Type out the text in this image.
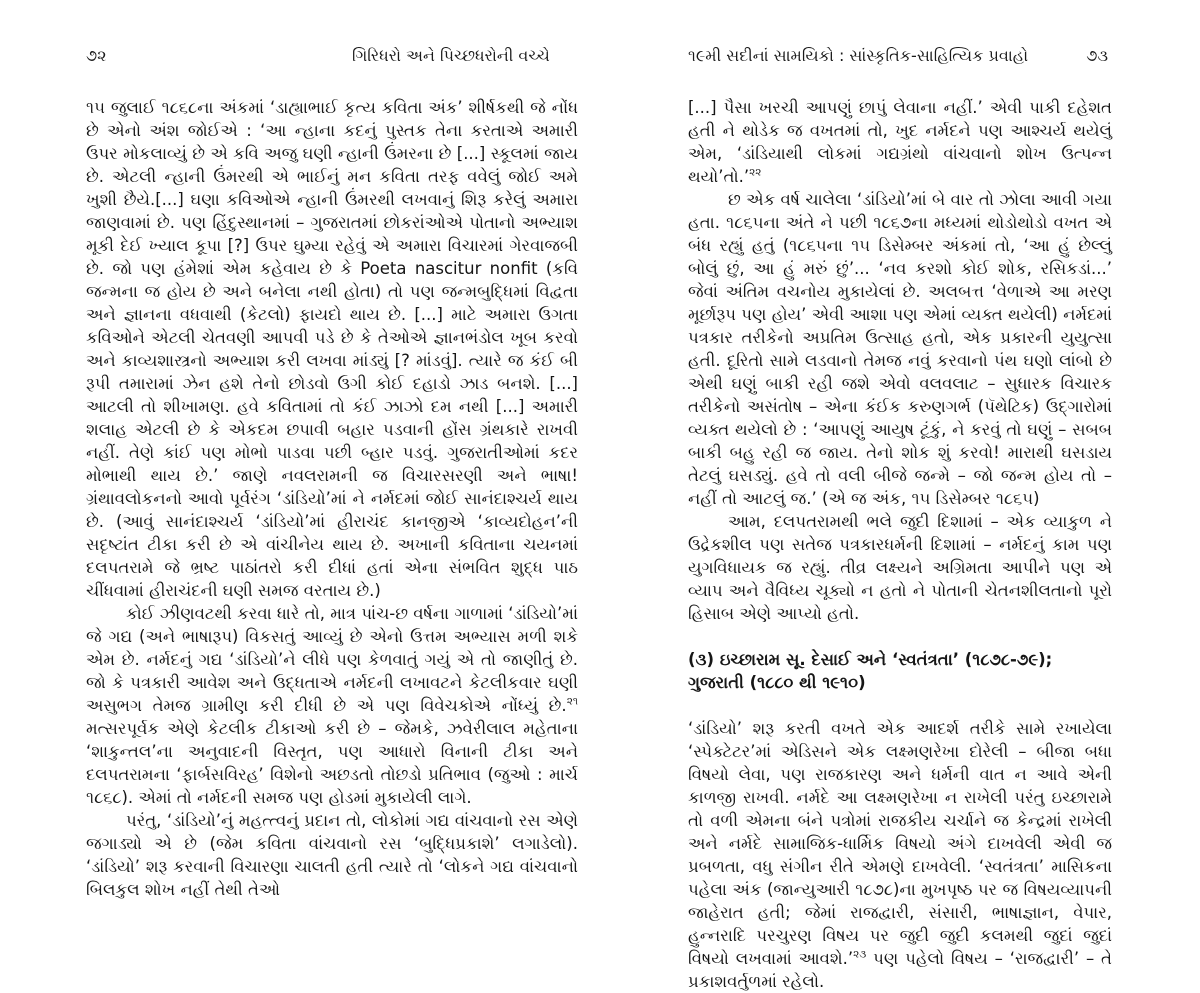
૭૨	ગિરિધરો અને પિચ્છધરોની વચ્ચે

૧૫ જુલાઈ ૧૮૬૮ના અંકમાં ‘ડાહ્યાભાઈ કૃત્ય કવિતા અંક’ શીર્ષકથી જે નોંધ છે એનો અંશ જોઈએ : ‘આ ન્હાના કદનું પુસ્તક તેના કરતાએ અમારી ઉપર મોકલાવ્યું છે એ કવિ અજુ ઘણી ન્હાની ઉંમરના છે [...] સ્કૂલમાં જાય છે. એટલી ન્હાની ઉંમરથી એ ભાઈનું મન કવિતા તરફ વવેલું જોઈ અમે ખુશી છૈયે.[...] ઘણા કવિઓએ ન્હાની ઉંમરથી લખવાનું શિરૂ કરેલું અમારા જાણવામાં છે. પણ હિંદુસ્થાનમાં – ગુજરાતમાં છોકરાંઓએ પોતાનો અભ્યાશ મૂકી દેઈ ખ્યાલ કૂપા [?] ઉપર ઘુમ્યા રહેવું એ અમારા વિચારમાં ગેરવાજબી છે. જો પણ હંમેશાં એમ કહેવાય છે કે Poeta nascitur nonfit (કવિ જન્મના જ હોય છે અને બનેલા નથી હોતા) તો પણ જન્મબુદ્ધિમાં વિદ્વતા અને જ્ઞાનના વધવાથી (કેટલો) ફાયદો થાય છે. [...] માટે અમારા ઉગતા કવિઓને એટલી ચેતવણી આપવી પડે છે કે તેઓએ જ્ઞાનભંડોલ ખૂબ કરવો અને કાવ્યશાસ્ત્રનો અભ્યાશ કરી લખવા માંડ્યું [? માંડવું]. ત્યારે જ કંઈ બી રૂપી તમારામાં ઝેન હશે તેનો છોડવો ઉગી કોઈ દહાડો ઝાડ બનશે. [...] આટલી તો શીખામણ. હવે કવિતામાં તો કંઈ ઝાઝો દમ નથી [...] અમારી શલાહ એટલી છે કે એકદમ છપાવી બહાર પડવાની હોંસ ગ્રંથકારે રાખવી નહીં. તેણે કાંઈ પણ મોભો પાડવા પછી બ્હાર પડવું. ગુજરાતીઓમાં કદર મોભાથી થાય છે.’ જાણે નવલરામની જ વિચારસરણી અને ભાષા! ગ્રંથાવલોકનનો આવો પૂર્વરંગ ‘ડાંડિયો’માં ને નર્મદમાં જોઈ સાનંદાશ્ચર્ય થાય છે. (આવું સાનંદાશ્ચર્ય ‘ડાંડિયો’માં હીરાચંદ કાનજીએ ‘કાવ્યદોહન’ની સદૃષ્ટાંત ટીકા કરી છે એ વાંચીનેય થાય છે. અખાની કવિતાના ચયનમાં દલપતરામે જે ભ્રષ્ટ પાઠાંતરો કરી દીધાં હતાં એના સંભવિત શુદ્ધ પાઠ ચીંધવામાં હીરાચંદની ઘણી સમજ વરતાય છે.)

કોઈ ઝીણવટથી કરવા ધારે તો, માત્ર પાંચ-છ વર્ષના ગાળામાં ‘ડાંડિયો’માં જે ગદ્ય (અને ભાષારૂપ) વિકસતું આવ્યું છે એનો ઉત્તમ અભ્યાસ મળી શકે એમ છે. નર્મદનું ગદ્ય ‘ડાંડિયો’ને લીધે પણ કેળવાતું ગયું એ તો જાણીતું છે. જો કે પત્રકારી આવેશ અને ઉદ્ધતાએ નર્મદની લખાવટને કેટલીકવાર ઘણી અસુભગ તેમજ ગ્રામીણ કરી દીધી છે એ પણ વિવેચકોએ નોંધ્યું છે.$^{૨૧}$ મત્સરપૂર્વક એણે કેટલીક ટીકાઓ કરી છે – જેમકે, ઝવેરીલાલ મહેતાના ‘શાકુન્તલ’ના અનુવાદની વિસ્તૃત, પણ આધારો વિનાની ટીકા અને દલપતરામના ‘ફાર્બસવિરહ’ વિશેનો અછડતો તોછડો પ્રતિભાવ (જુઓ : માર્ચ ૧૮૬૮). એમાં તો નર્મદની સમજ પણ હોડમાં મુકાયેલી લાગે.

પરંતુ, ‘ડાંડિયો’નું મહત્ત્વનું પ્રદાન તો, લોકોમાં ગદ્ય વાંચવાનો રસ એણે જગાડ્યો એ છે (જેમ કવિતા વાંચવાનો રસ ‘બુદ્ધિપ્રકાશે’ લગાડેલો). ‘ડાંડિયો’ શરૂ કરવાની વિચારણા ચાલતી હતી ત્યારે તો ‘લોકને ગદ્ય વાંચવાનો બિલકુલ શોખ નહીં તેથી તેઓ

૧૯મી સદીનાં સામયિકો : સાંસ્કૃતિક-સાહિત્યિક પ્રવાહો	૭૩

[...] પૈસા ખરચી આપણું છાપું લેવાના નહીં.’ એવી પાકી દહેશત હતી ને થોડેક જ વખતમાં તો, ખુદ નર્મદને પણ આશ્ચર્ય થયેલું એમ, ‘ડાંડિયાથી લોકમાં ગદ્યગ્રંથો વાંચવાનો શોખ ઉત્પન્ન થયો’તો.’$^{૨૨}$

છ એક વર્ષ ચાલેલા ‘ડાંડિયો’માં બે વાર તો ઝોલા આવી ગયા હતા. ૧૮૬૫ના અંતે ને પછી ૧૮૬૭ના મધ્યમાં થોડોથોડો વખત એ બંધ રહ્યું હતું (૧૮૬૫ના ૧૫ ડિસેમ્બર અંકમાં તો, ‘આ હું છેલ્લું બોલું છું, આ હું મરું છું’... ‘નવ કરશો કોઈ શોક, રસિકડાં...’ જેવાં અંતિમ વચનોય મુકાયેલાં છે. અલબત્ત ‘વેળાએ આ મરણ મૂર્છારૂપ પણ હોય’ એવી આશા પણ એમાં વ્યક્ત થયેલી) નર્મદમાં પત્રકાર તરીકેનો અપ્રતિમ ઉત્સાહ હતો, એક પ્રકારની યુયુત્સા હતી. દૂરિતો સામે લડવાનો તેમજ નવું કરવાનો પંથ ઘણો લાંબો છે એથી ઘણું બાકી રહી જશે એવો વલવલાટ – સુધારક વિચારક તરીકેનો અસંતોષ – એના કંઈક કરુણગર્ભ (પૅથેટિક) ઉદ્ગારોમાં વ્યક્ત થયેલો છે : ‘આપણું આયુષ ટૂંકું, ને કરવું તો ઘણું – સબબ બાકી બહુ રહી જ જાય. તેનો શોક શું કરવો! મારાથી ઘસડાય તેટલું ઘસડ્યું. હવે તો વલી બીજે જન્મે – જો જન્મ હોય તો – નહીં તો આટલું જ.’ (એ જ અંક, ૧૫ ડિસેમ્બર ૧૮૬૫)

આમ, દલપતરામથી ભલે જુદી દિશામાં – એક વ્યાકુળ ને ઉદ્રેકશીલ પણ સતેજ પત્રકારધર્મની દિશામાં – નર્મદનું કામ પણ યુગવિધાયક જ રહ્યું. તીવ્ર લક્ષ્યને અગ્રિમતા આપીને પણ એ વ્યાપ અને વૈવિધ્ય ચૂક્યો ન હતો ને પોતાની ચેતનશીલતાનો પૂરો હિસાબ એણે આપ્યો હતો.

(૩) ઇચ્છારામ સૂ. દેસાઈ અને ‘સ્વતંત્રતા’ (૧૮૭૮-૭૯); ગુજરાતી (૧૮૮૦ થી ૧૯૧૦)

‘ડાંડિયો’ શરૂ કરતી વખતે એક આદર્શ તરીકે સામે રખાયેલા ‘સ્પેક્ટેટર’માં એડિસને એક લક્ષ્મણરેખા દોરેલી – બીજા બધા વિષયો લેવા, પણ રાજકારણ અને ધર્મની વાત ન આવે એની કાળજી રાખવી. નર્મદે આ લક્ષ્મણરેખા ન રાખેલી પરંતુ ઇચ્છારામે તો વળી એમના બંને પત્રોમાં રાજકીય ચર્ચાને જ કેન્દ્રમાં રાખેલી અને નર્મદે સામાજિક-ધાર્મિક વિષયો અંગે દાખવેલી એવી જ પ્રબળતા, વધુ સંગીન રીતે એમણે દાખવેલી. ‘સ્વતંત્રતા’ માસિકના પહેલા અંક (જાન્યુઆરી ૧૮૭૮)ના મુખપૃષ્ઠ પર જ વિષયવ્યાપની જાહેરાત હતી; જેમાં રાજદ્વારી, સંસારી, ભાષાજ્ઞાન, વેપાર, હુન્નરાદિ પરચુરણ વિષય પર જુદી જુદી કલમથી જુદાં જુદાં વિષયો લખવામાં આવશે.’$^{૨૩}$ પણ પહેલો વિષય – ‘રાજદ્વારી’ – તે પ્રકાશવર્તુળમાં રહેલો.
